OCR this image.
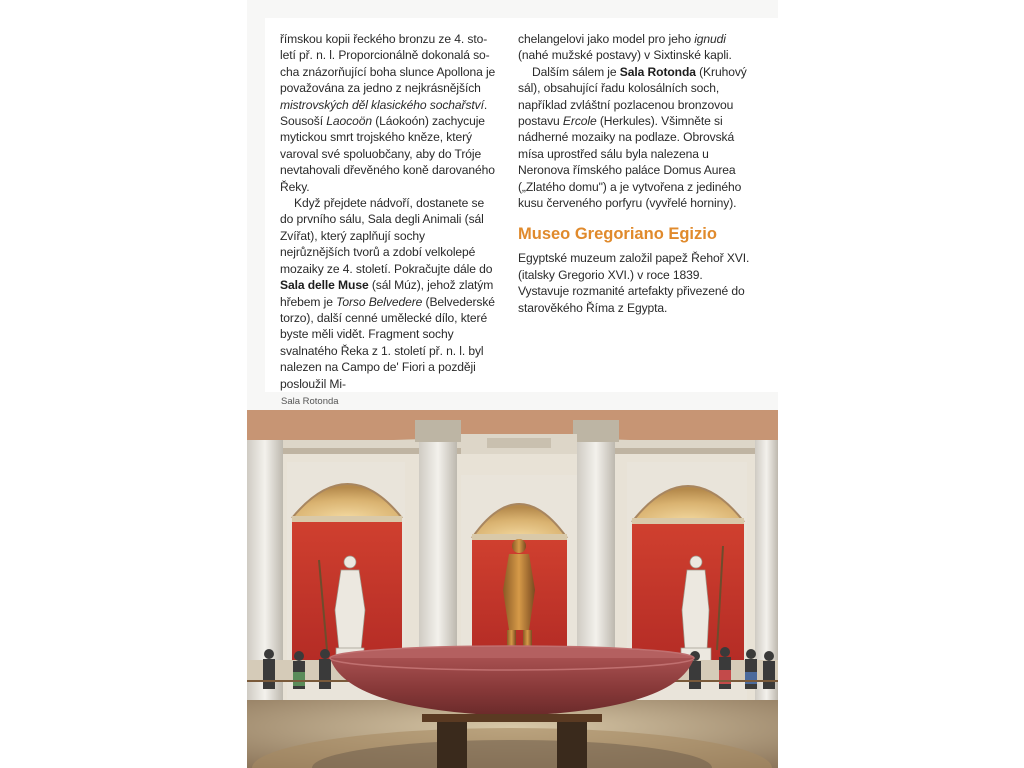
římskou kopii řeckého bronzu ze 4. sto-letí př. n. l. Proporcionálně dokonalá so-cha znázorňující boha slunce Apollona je považována za jedno z nejkrásnějších mistrovských děl klasického sochařství. Sousoší Laocoön (Láokoón) zachycuje mytickou smrt trojského kněze, který varoval své spoluobčany, aby do Tróje nevtahovali dřevěného koně darovaného Řeky.

Když přejdete nádvoří, dostanete se do prvního sálu, Sala degli Animali (sál Zvířat), který zaplňují sochy nejrůznějších tvorů a zdobí velkolepé mozaiky ze 4. století. Pokračujte dále do Sala delle Muse (sál Múz), jehož zlatým hřebem je Torso Belvedere (Belvederské torzo), další cenné umělecké dílo, které byste měli vidět. Fragment sochy svalnatého Řeka z 1. století př. n. l. byl nalezen na Campo de' Fiori a později posloužil Mi-

chelangelovi jako model pro jeho ignudi (nahé mužské postavy) v Sixtinské kapli.

Dalším sálem je Sala Rotonda (Kruhový sál), obsahující řadu kolosálních soch, například zvláštní pozlacenou bronzovou postavu Ercole (Herkules). Všimněte si nádherné mozaiky na podlaze. Obrovská mísa uprostřed sálu byla nalezena u Neronova římského paláce Domus Aurea („Zlatého domu") a je vytvořena z jediného kusu červeného porfyru (vyvřelé horniny).

Museo Gregoriano Egizio

Egyptské muzeum založil papež Řehoř XVI. (italsky Gregorio XVI.) v roce 1839. Vystavuje rozmanité artefakty přivezené do starověkého Říma z Egypta.

Sala Rotonda
